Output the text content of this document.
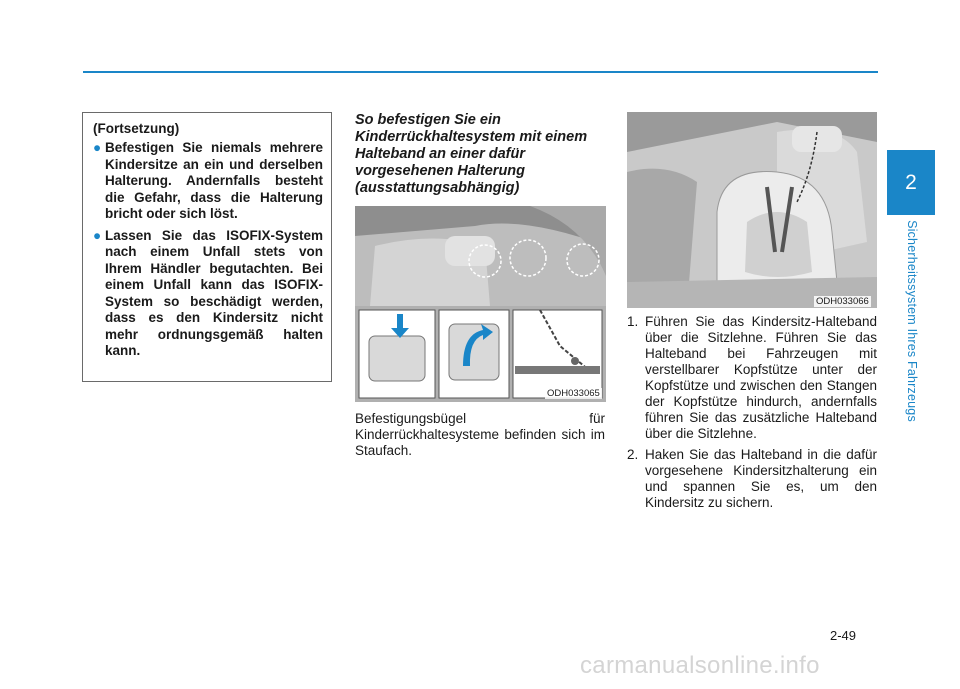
2
Sicherheitssystem Ihres Fahrzeugs
(Fortsetzung)
● Befestigen Sie niemals mehrere Kindersitze an ein und derselben Halterung. Andernfalls besteht die Gefahr, dass die Halterung bricht oder sich löst.
● Lassen Sie das ISOFIX-System nach einem Unfall stets von Ihrem Händler begutachten. Bei einem Unfall kann das ISOFIX-System so beschädigt werden, dass es den Kindersitz nicht mehr ordnungsgemäß halten kann.
So befestigen Sie ein Kinderrückhaltesystem mit einem Halteband an einer dafür vorgesehenen Halterung (ausstattungsabhängig)
ODH033065
Befestigungsbügel für Kinderrückhaltesysteme befinden sich im Staufach.
ODH033066
1. Führen Sie das Kindersitz-Halteband über die Sitzlehne. Führen Sie das Halteband bei Fahrzeugen mit verstellbarer Kopfstütze unter der Kopfstütze und zwischen den Stangen der Kopfstütze hindurch, andernfalls führen Sie das zusätzliche Halteband über die Sitzlehne.
2. Haken Sie das Halteband in die dafür vorgesehene Kindersitzhalterung ein und spannen Sie es, um den Kindersitz zu sichern.
2-49
carmanualsonline.info
